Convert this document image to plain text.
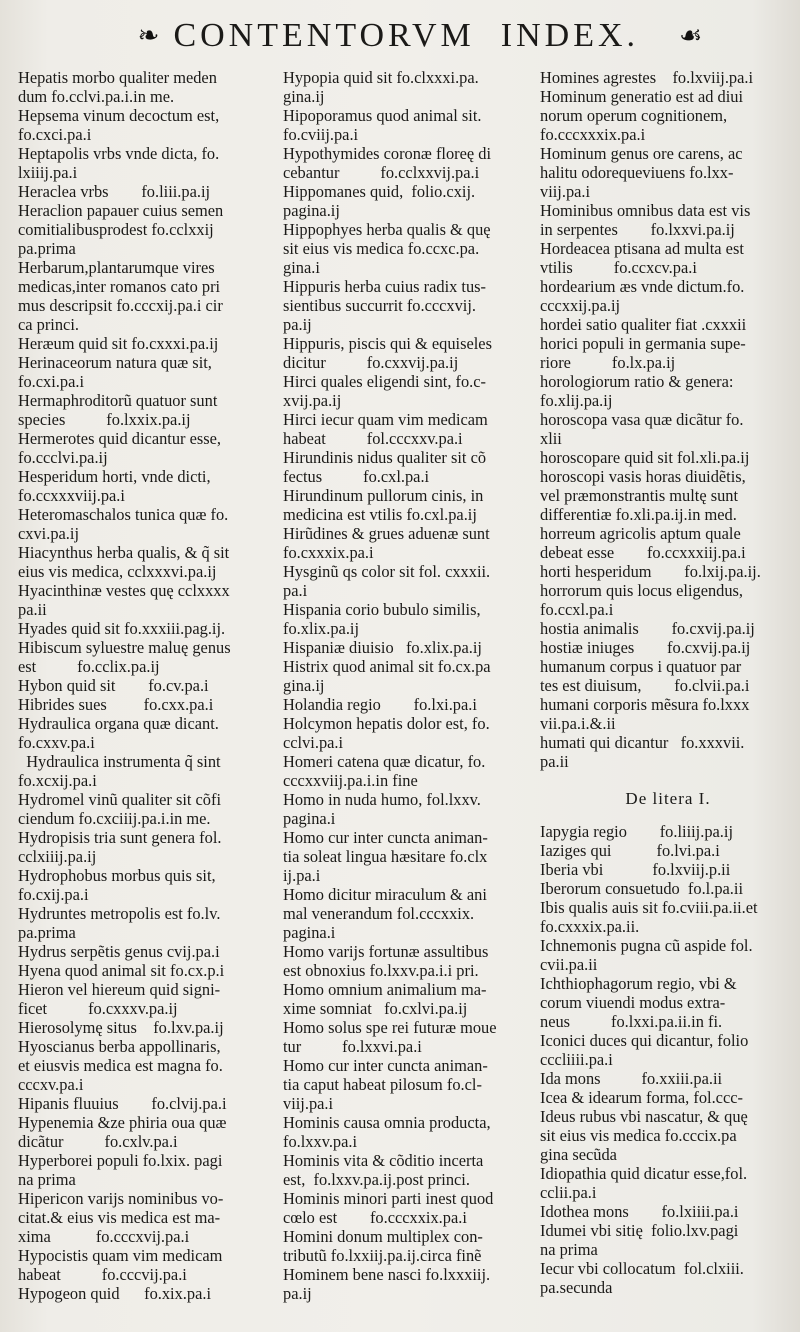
❧ CONTENTORVM INDEX.	☙

Hepatis morbo qualiter meden
dum fo.cclvi.pa.i.in me.

Hepsema vinum decoctum est,
fo.cxci.pa.i

Heptapolis vrbs vnde dicta, fo.
lxiiij.pa.i

Heraclea vrbs        fo.liii.pa.ij

Heraclion papauer cuius semen
comitialibusprodest fo.cclxxij
pa.prima

Herbarum,plantarumque vires
medicas,inter romanos cato pri
mus descripsit fo.cccxij.pa.i cir
ca princi.

Heræum quid sit fo.cxxxi.pa.ij

Herinaceorum natura quæ sit,
fo.cxi.pa.i

Hermaphroditorũ quatuor sunt
species          fo.lxxix.pa.ij

Hermerotes quid dicantur esse,
fo.ccclvi.pa.ij

Hesperidum horti, vnde dicti,
fo.ccxxxviij.pa.i

Heteromaschalos tunica quæ fo.
cxvi.pa.ij

Hiacynthus herba qualis, & q̃ sit
eius vis medica, cclxxxvi.pa.ij

Hyacinthinæ vestes quę cclxxxx
pa.ii

Hyades quid sit fo.xxxiii.pag.ij.

Hibiscum syluestre maluę genus
est          fo.cclix.pa.ij

Hybon quid sit        fo.cv.pa.i

Hibrides sues         fo.cxx.pa.i

Hydraulica organa quæ dicant.
fo.cxxv.pa.i

Hydraulica instrumenta q̃ sint
fo.xcxij.pa.i

Hydromel vinũ qualiter sit cõfi
ciendum fo.cxciiij.pa.i.in me.

Hydropisis tria sunt genera fol.
cclxiiij.pa.ij

Hydrophobus morbus quis sit,
fo.cxij.pa.i

Hydruntes metropolis est fo.lv.
pa.prima

Hydrus serpẽtis genus cvij.pa.i

Hyena quod animal sit fo.cx.p.i

Hieron vel hiereum quid signi-
ficet          fo.cxxxv.pa.ij

Hierosolymę situs    fo.lxv.pa.ij

Hyoscianus berba appollinaris,
et eiusvis medica est magna fo.
cccxv.pa.i

Hipanis fluuius        fo.clvij.pa.i

Hypenemia &ze phiria oua quæ
dicãtur          fo.cxlv.pa.i

Hyperborei populi fo.lxix. pagi
na prima

Hipericon varijs nominibus vo-
citat.& eius vis medica est ma-
xima           fo.cccxvij.pa.i

Hypocistis quam vim medicam
habeat          fo.cccvij.pa.i

Hypogeon quid      fo.xix.pa.i

Hypopia quid sit fo.clxxxi.pa.
gina.ij

Hipoporamus quod animal sit.
fo.cviij.pa.i

Hypothymides coronæ floreę di
cebantur          fo.cclxxvij.pa.i

Hippomanes quid,  folio.cxij.
pagina.ij

Hippophyes herba qualis & quę
sit eius vis medica fo.ccxc.pa.
gina.i

Hippuris herba cuius radix tus-
sientibus succurrit fo.cccxvij.
pa.ij

Hippuris, piscis qui & equiseles
dicitur          fo.cxxvij.pa.ij

Hirci quales eligendi sint, fo.c-
xvij.pa.ij

Hirci iecur quam vim medicam
habeat          fol.cccxxv.pa.i

Hirundinis nidus qualiter sit cõ
fectus          fo.cxl.pa.i

Hirundinum pullorum cinis, in
medicina est vtilis fo.cxl.pa.ij

Hirũdines & grues aduenæ sunt
fo.cxxxix.pa.i

Hysginũ qs color sit fol. cxxxii.
pa.i

Hispania corio bubulo similis,
fo.xlix.pa.ij

Hispaniæ diuisio   fo.xlix.pa.ij

Histrix quod animal sit fo.cx.pa
gina.ij

Holandia regio        fo.lxi.pa.i

Holcymon hepatis dolor est, fo.
cclvi.pa.i

Homeri catena quæ dicatur, fo.
cccxxviij.pa.i.in fine

Homo in nuda humo, fol.lxxv.
pagina.i

Homo cur inter cuncta animan-
tia soleat lingua hæsitare fo.clx
ij.pa.i

Homo dicitur miraculum & ani
mal venerandum fol.cccxxix.
pagina.i

Homo varijs fortunæ assultibus
est obnoxius fo.lxxv.pa.i.i pri.

Homo omnium animalium ma-
xime somniat   fo.cxlvi.pa.ij

Homo solus spe rei futuræ moue
tur          fo.lxxvi.pa.i

Homo cur inter cuncta animan-
tia caput habeat pilosum fo.cl-
viij.pa.i

Hominis causa omnia producta,
fo.lxxv.pa.i

Hominis vita & cõditio incerta
est,  fo.lxxv.pa.ij.post princi.

Hominis minori parti inest quod
cœlo est        fo.cccxxix.pa.i

Homini donum multiplex con-
tributũ fo.lxxiij.pa.ij.circa finẽ

Hominem bene nasci fo.lxxxiij.
pa.ij

Homines agrestes    fo.lxviij.pa.i

Hominum generatio est ad diui
norum operum cognitionem,
fo.cccxxxix.pa.i

Hominum genus ore carens, ac
halitu odorequeviuens fo.lxx-
viij.pa.i

Hominibus omnibus data est vis
in serpentes        fo.lxxvi.pa.ij

Hordeacea ptisana ad multa est
vtilis          fo.ccxcv.pa.i

hordearium æs vnde dictum.fo.
cccxxij.pa.ij

hordei satio qualiter fiat .cxxxii

horici populi in germania supe-
riore          fo.lx.pa.ij

horologiorum ratio & genera:
fo.xlij.pa.ij

horoscopa vasa quæ dicãtur fo.
xlii

horoscopare quid sit fol.xli.pa.ij

horoscopi vasis horas diuidẽtis,
vel præmonstrantis multę sunt
differentiæ fo.xli.pa.ij.in med.

horreum agricolis aptum quale
debeat esse        fo.ccxxxiij.pa.i

horti hesperidum        fo.lxij.pa.ij.

horrorum quis locus eligendus,
fo.ccxl.pa.i

hostia animalis        fo.cxvij.pa.ij

hostiæ iniuges        fo.cxvij.pa.ij

humanum corpus i quatuor par
tes est diuisum,        fo.clvii.pa.i

humani corporis mẽsura fo.lxxx
vii.pa.i.&.ii

humati qui dicantur   fo.xxxvii.
pa.ii

De litera I.

Iapygia regio        fo.liiij.pa.ij

Iaziges qui           fo.lvi.pa.i

Iberia vbi            fo.lxviij.p.ii

Iberorum consuetudo  fo.l.pa.ii

Ibis qualis auis sit fo.cviii.pa.ii.et
fo.cxxxix.pa.ii.

Ichnemonis pugna cũ aspide fol.
cvii.pa.ii

Ichthiophagorum regio, vbi &
corum viuendi modus extra-
neus          fo.lxxi.pa.ii.in fi.

Iconici duces qui dicantur, folio
cccliiii.pa.i

Ida mons          fo.xxiii.pa.ii

Icea & idearum forma, fol.ccc-

Ideus rubus vbi nascatur, & quę
sit eius vis medica fo.cccix.pa
gina secũda

Idiopathia quid dicatur esse,fol.
cclii.pa.i

Idothea mons        fo.lxiiii.pa.i

Idumei vbi sitię  folio.lxv.pagi
na prima

Iecur vbi collocatum  fol.clxiii.
pa.secunda
